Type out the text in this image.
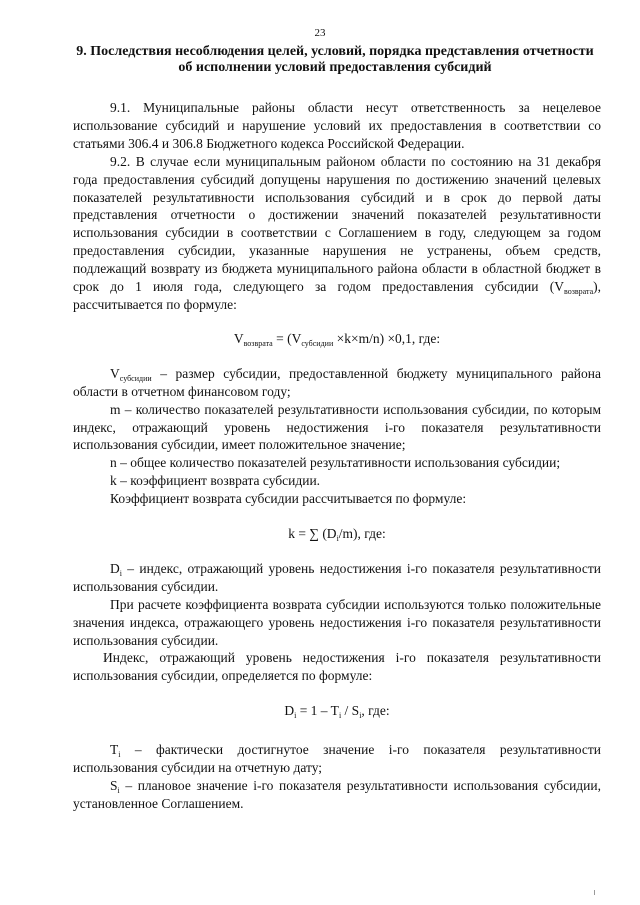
23
9. Последствия несоблюдения целей, условий, порядка представления отчетности об исполнении условий предоставления субсидий

9.1. Муниципальные районы области несут ответственность за нецелевое использование субсидий и нарушение условий их предоставления в соответствии со статьями 306.4 и 306.8 Бюджетного кодекса Российской Федерации.

9.2. В случае если муниципальным районом области по состоянию на 31 декабря года предоставления субсидий допущены нарушения по достижению значений целевых показателей результативности использования субсидий и в срок до первой даты представления отчетности о достижении значений показателей результативности использования субсидии в соответствии с Соглашением в году, следующем за годом предоставления субсидии, указанные нарушения не устранены, объем средств, подлежащий возврату из бюджета муниципального района области в областной бюджет в срок до 1 июля года, следующего за годом предоставления субсидии $(V_{возврата})$, рассчитывается по формуле:

$V_{возврата} = (V_{субсидии} \times k\times m/n) \times 0,1$, где:

$V_{субсидии}$ – размер субсидии, предоставленной бюджету муниципального района области в отчетном финансовом году;

m – количество показателей результативности использования субсидии, по которым индекс, отражающий уровень недостижения i-го показателя результативности использования субсидии, имеет положительное значение;

n – общее количество показателей результативности использования субсидии;

k – коэффициент возврата субсидии.

Коэффициент возврата субсидии рассчитывается по формуле:

k = ∑ $(D_i/m)$, где:

$D_i$ – индекс, отражающий уровень недостижения i-го показателя результативности использования субсидии.

При расчете коэффициента возврата субсидии используются только положительные значения индекса, отражающего уровень недостижения i-го показателя результативности использования субсидии.

Индекс, отражающий уровень недостижения i-го показателя результативности использования субсидии, определяется по формуле:

$D_i = 1 - T_i / S_i$, где:

$T_i$ – фактически достигнутое значение i-го показателя результативности использования субсидии на отчетную дату;

$S_i$ – плановое значение i-го показателя результативности использования субсидии, установленное Соглашением.
